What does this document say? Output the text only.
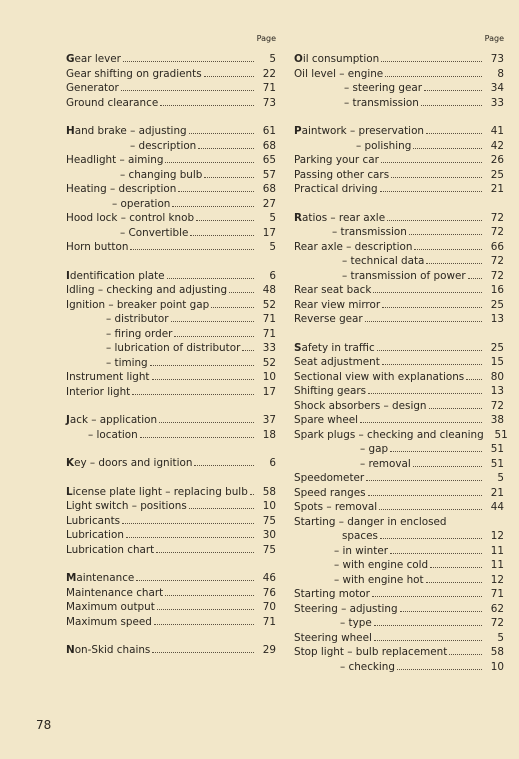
Page
Gear lever	5
Gear shifting on gradients	22
Generator	71
Ground clearance	73
Hand brake – adjusting	61
– description	68
Headlight – aiming	65
– changing bulb	57
Heating – description	68
– operation	27
Hood lock – control knob	5
– Convertible	17
Horn button	5
Identification plate	6
Idling – checking and adjusting	48
Ignition – breaker point gap	52
– distributor	71
– firing order	71
– lubrication of distributor	33
– timing	52
Instrument light	10
Interior light	17
Jack – application	37
– location	18
Key – doors and ignition	6
License plate light – replacing bulb	58
Light switch – positions	10
Lubricants	75
Lubrication	30
Lubrication chart	75
Maintenance	46
Maintenance chart	76
Maximum output	70
Maximum speed	71
Non-Skid chains	29
Page
Oil consumption	73
Oil level – engine	8
– steering gear	34
– transmission	33
Paintwork – preservation	41
– polishing	42
Parking your car	26
Passing other cars	25
Practical driving	21
Ratios – rear axle	72
– transmission	72
Rear axle – description	66
– technical data	72
– transmission of power	72
Rear seat back	16
Rear view mirror	25
Reverse gear	13
Safety in traffic	25
Seat adjustment	15
Sectional view with explanations	80
Shifting gears	13
Shock absorbers – design	72
Spare wheel	38
Spark plugs – checking and cleaning	51
– gap	51
– removal	51
Speedometer	5
Speed ranges	21
Spots – removal	44
Starting – danger in enclosed
spaces	12
– in winter	11
– with engine cold	11
– with engine hot	12
Starting motor	71
Steering – adjusting	62
– type	72
Steering wheel	5
Stop light – bulb replacement	58
– checking	10
78
